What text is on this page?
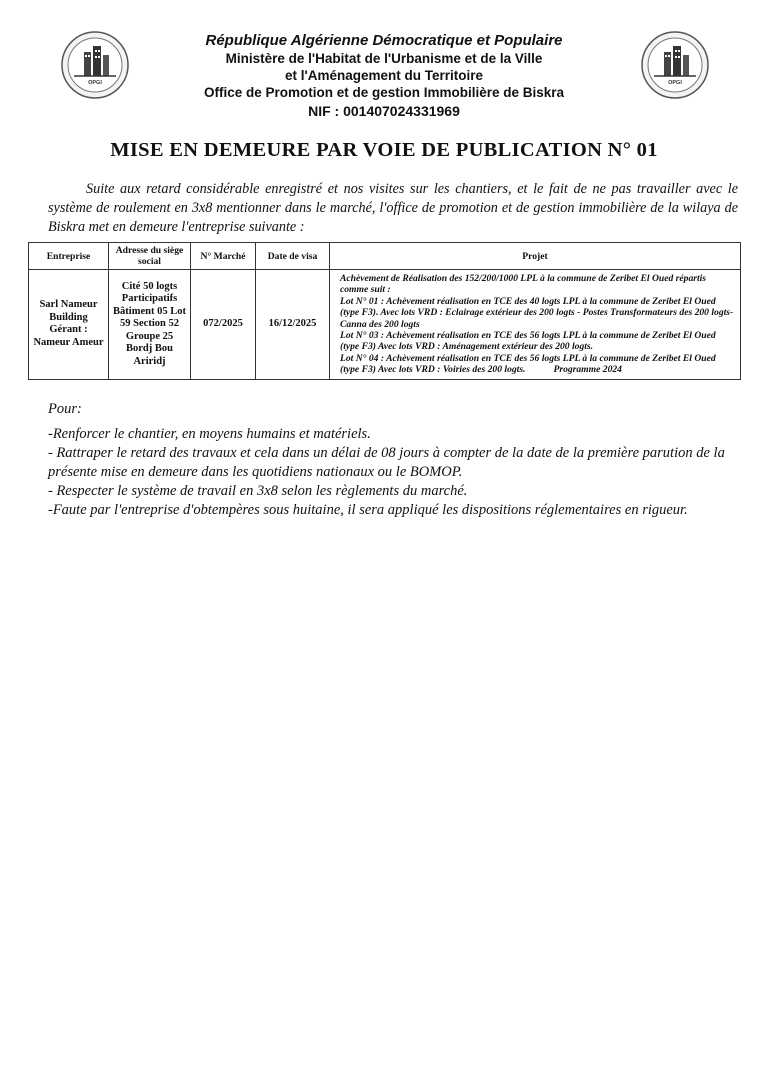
OPGI	OPGI
République Algérienne Démocratique et Populaire
Ministère de l'Habitat de l'Urbanisme et de la Ville
et l'Aménagement du Territoire
Office de Promotion et de gestion Immobilière de Biskra
NIF : 001407024331969
MISE EN DEMEURE PAR VOIE DE PUBLICATION N° 01
Suite aux retard considérable enregistré et nos visites sur les chantiers, et le fait de ne pas travailler avec le système de roulement en 3x8 mentionner dans le marché, l'office de promotion et de gestion immobilière de la wilaya de Biskra met en demeure l'entreprise suivante :
Entreprise	Adresse du siège social	N° Marché	Date de visa	Projet
Sarl Nameur Building Gérant : Nameur Ameur	Cité 50 logts Participatifs Bâtiment 05 Lot 59 Section 52 Groupe 25 Bordj Bou Ariridj	072/2025	16/12/2025	Achèvement de Réalisation des 152/200/1000 LPL à la commune de Zeribet El Oued répartis comme suit :

Lot N° 01 : Achèvement réalisation en TCE des 40 logts LPL à la commune de Zeribet El Oued (type F3). Avec lots VRD : Eclairage extérieur des 200 logts - Postes Transformateurs des 200 logts- Canna des 200 logts

Lot N° 03 : Achèvement réalisation en TCE des 56 logts LPL à la commune de Zeribet El Oued (type F3) Avec lots VRD : Aménagement extérieur des 200 logts.

Lot N° 04 : Achèvement réalisation en TCE des 56 logts LPL à la commune de Zeribet El Oued (type F3) Avec lots VRD : Voiries des 200 logts. Programme 2024

Pour:

-Renforcer le chantier, en moyens humains et matériels.

- Rattraper le retard des travaux et cela dans un délai de 08 jours à compter de la date de la première parution de la présente mise en demeure dans les quotidiens nationaux ou le BOMOP.

- Respecter le système de travail en 3x8 selon les règlements du marché.

-Faute par l'entreprise d'obtempères sous huitaine, il sera appliqué les dispositions réglementaires en rigueur.
